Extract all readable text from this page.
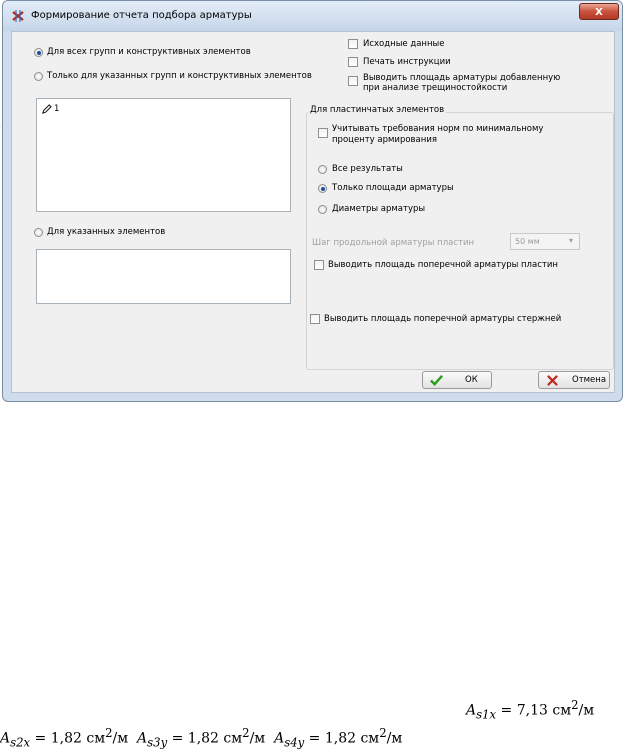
Формирование отчета подбора арматуры	X
Для всех групп и конструктивных элементов
Только для указанных групп и конструктивных элементов
1
Для указанных элементов
Исходные данные
Печать инструкции
Выводить площадь арматуры добавленную
при анализе трещиностойкости
Для пластинчатых элементов
Учитывать требования норм по минимальному
проценту армирования
Все результаты
Только площади арматуры
Диаметры арматуры
Шаг продольной арматуры пластин	50 мм	▾
Выводить площадь поперечной арматуры пластин
Выводить площадь поперечной арматуры стержней
ОК	Отмена
$A_{s1x} = 7,13$ $см^2/м$
$A_{s2x} = 1,82$ $см^2/м$ $A_{s3y} = 1,82$ $см^2/м$ $A_{s4y} = 1,82$ $см^2/м$
